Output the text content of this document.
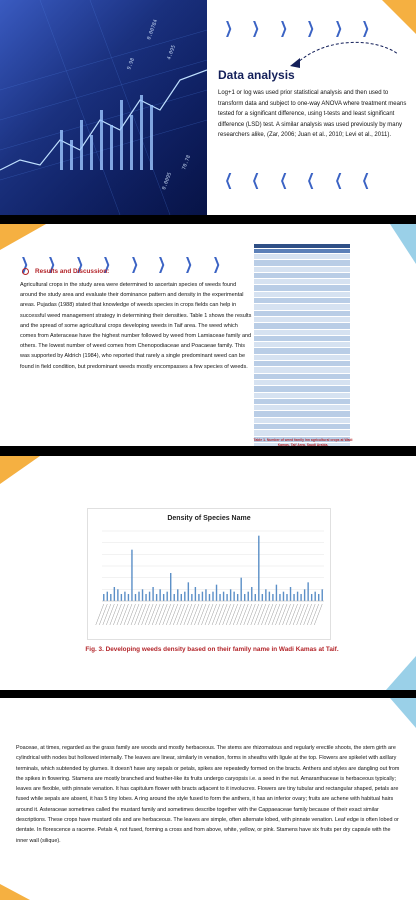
0.00784
4.095
9.98
70.78
0.0095
❯ ❯ ❯ ❯ ❯ ❯
Data analysis
Log+1 or log was used prior statistical analysis and then used to transform data and subject to one-way ANOVA where treatment means tested for a significant difference, using t-tests and least significant difference (LSD) test. A similar analysis was used previously by many researchers alike, (Zar, 2006; Juan et al., 2010; Levi et al., 2011).
❯
❯
❯
❯
❯
❯
❯ ❯ ❯ ❯ ❯ ❯ ❯ ❯
Results and Discussion:
Agricultural crops in the study area were determined to ascertain species of weeds found around the study area and evaluate their dominance pattern and density in the experimental areas. Pujadas (1988) stated that knowledge of weeds species in crops fields can help in successful weed management strategy in determining their densities. Table 1 shows the results and the spread of some agricultural crops developing weeds in Taif area. The weed which comes from Asteraceae have the highest number followed by weed from Lamiaceae family and others. The lowest number of weed comes from Chenopodiaceae and Poacaeae family. This was supported by Aldrich (1984), who reported that rarely a single predominant weed can be found in field condition, but predominant weeds mostly encompasses a few species of weeds.

Table 1. Number of weed family inn agricultural crops at Wadi Kamas, Taif Area, Saudi Arabia.
Density of Species Name
Fig. 3. Developing weeds density based on their family name in Wadi Kamas at Taif.
Poaceae, at times, regarded as the grass family are woods and mostly herbaceous. The stems are rhizomatous and regularly erectile shoots, the stem girth are cylindrical with nodes but hollowed internally. The leaves are linear, similarly in venation, forms in sheaths with ligule at the top. Flowers are spikelet with axillary terminals, which subtended by glumes. It doesn't have any sepals or petals, spikes are repeatedly formed on the bracts. Anthers and styles are dangling out from the spikes in flowering. Stamens are mostly branched and feather-like its fruits undergo caryopsis i.e. a seed in the nut. Amaranthaceae is herbaceous typically; leaves are flexible, with pinnate venation. It has capitulum flower with bracts adjacent to it involucres. Flowers are tiny tubular and rectangular shaped, petals are fused while sepals are absent, it has 5 tiny lobes. A ring around the style fused to form the anthers, it has an inferior ovary; fruits are achene with habitual hairs around it. Asteraceae sometimes called the mustard family and sometimes describe together with the Cappaeaceae family because of their exact similar descriptions. These crops have mustard oils and are herbaceous. The leaves are simple, often alternate lobed, with pinnate venation. Leaf edge is often lobed or dentate. In florescence a raceme. Petals 4, not fused, forming a cross and from above, white, yellow, or pink. Stamens have six fruits per dry capsule with the inner wall (silique).
